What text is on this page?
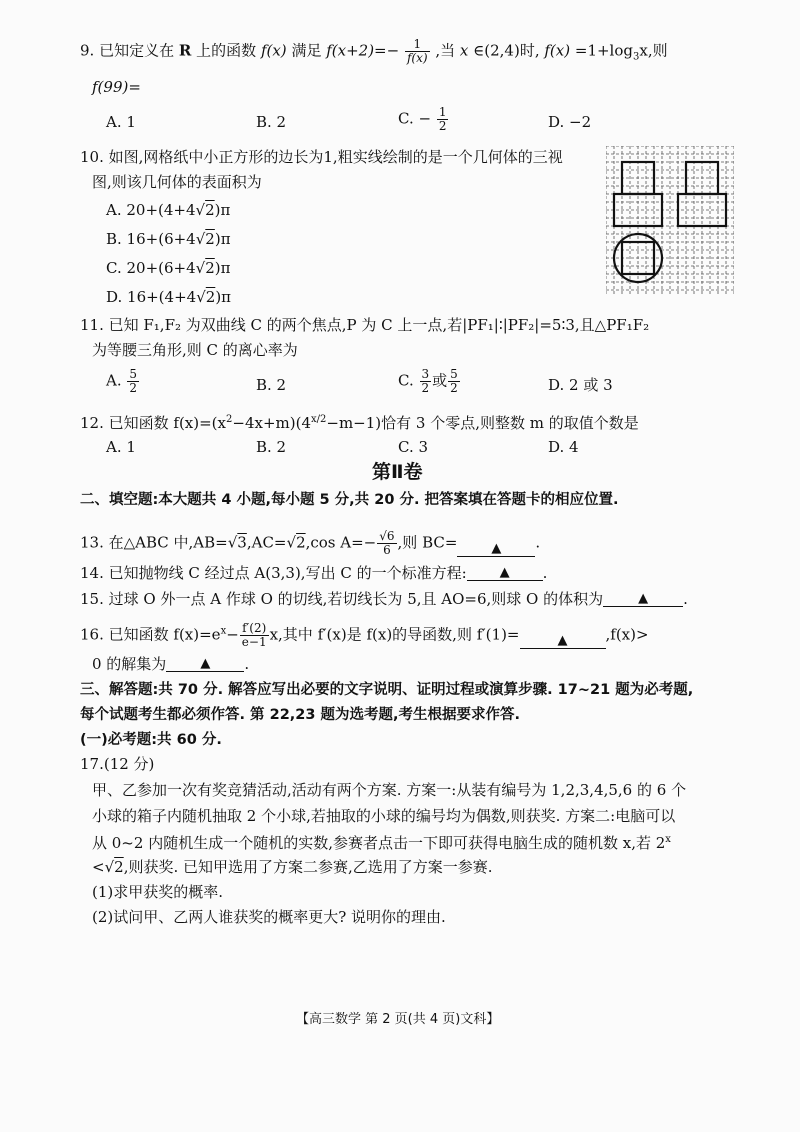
9. 已知定义在 R 上的函数 f(x) 满足 $f(x+2)=- \frac{1}{f(x)}$ ,当 x ∈(2,4)时, $f(x) =1+\log_3x$,则
f(99)=
A. 1	B. 2	C. − $\frac{1}{2}$	D. −2
10. 如图,网格纸中小正方形的边长为1,粗实线绘制的是一个几何体的三视
图,则该几何体的表面积为
A. 20+(4+4√2)π
B. 16+(6+4√2)π
C. 20+(6+4√2)π
D. 16+(4+4√2)π
11. 已知 F₁,F₂ 为双曲线 C 的两个焦点,P 为 C 上一点,若|PF₁|∶|PF₂|=5∶3,且△PF₁F₂
为等腰三角形,则 C 的离心率为
A. $\frac{5}{2}$	B. 2	C. $\frac{3}{2}$ 或 $\frac{5}{2}$	D. 2 或 3
12. 已知函数 $f(x)=(x^2-4x+m)(4^{x/2}-m-1)$恰有 3 个零点,则整数 m 的取值个数是
A. 1	B. 2	C. 3	D. 4
第Ⅱ卷
二、填空题:本大题共 4 小题,每小题 5 分,共 20 分. 把答案填在答题卡的相应位置.
13. 在△ABC 中,AB=√3,AC=√2,cos $A=- \frac{√6}{6}$ ,则 BC=	▲ .
14. 已知抛物线 C 经过点 A(3,3),写出 C 的一个标准方程:	▲ .
15. 过球 O 外一点 A 作球 O 的切线,若切线长为 5,且 AO=6,则球 O 的体积为	▲ .
16. 已知函数 $f(x)=e^x- \frac{f'(2)}{e-1} x$,其中 f′(x)是 f(x)的导函数,则 f′(1)=	▲	,f(x)>
0 的解集为	▲ .
三、解答题:共 70 分. 解答应写出必要的文字说明、证明过程或演算步骤. 17~21 题为必考题,
每个试题考生都必须作答. 第 22,23 题为选考题,考生根据要求作答.
(一)必考题:共 60 分.
17.(12 分)
甲、乙参加一次有奖竞猜活动,活动有两个方案. 方案一:从装有编号为 1,2,3,4,5,6 的 6 个
小球的箱子内随机抽取 2 个小球,若抽取的小球的编号均为偶数,则获奖. 方案二:电脑可以
从 0~2 内随机生成一个随机的实数,参赛者点击一下即可获得电脑生成的随机数 x,若 $2^x$
<√2,则获奖. 已知甲选用了方案二参赛,乙选用了方案一参赛.
(1)求甲获奖的概率.
(2)试问甲、乙两人谁获奖的概率更大? 说明你的理由.
【高三数学 第 2 页(共 4 页)文科】
